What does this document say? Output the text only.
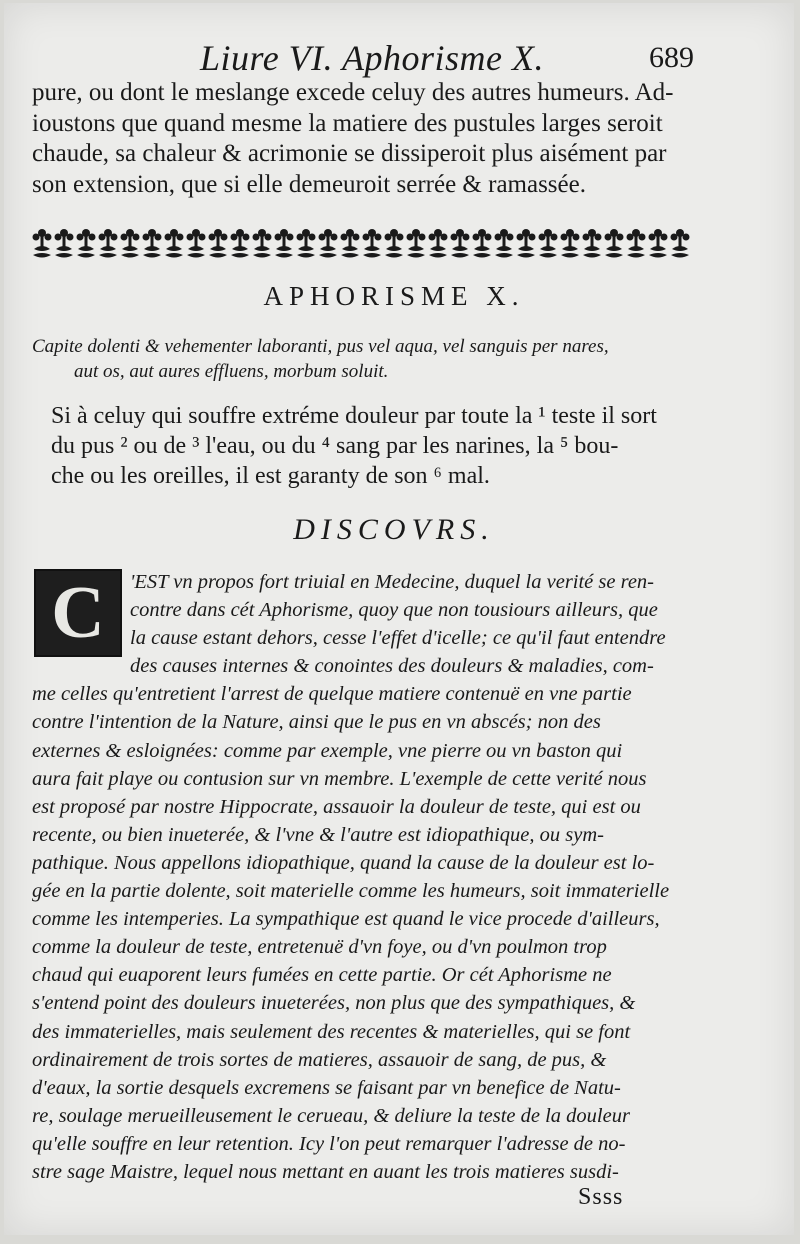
Liure VI. Aphorisme X.	689
pure, ou dont le meslange excede celuy des autres humeurs. Ad-
ioustons que quand mesme la matiere des pustules larges seroit
chaude, sa chaleur & acrimonie se dissiperoit plus aisément par
son extension, que si elle demeuroit serrée & ramassée.
APHORISME X.
Capite dolenti & vehementer laboranti, pus vel aqua, vel sanguis per nares,
aut os, aut aures effluens, morbum soluit.
Si à celuy qui souffre extréme douleur par toute la ¹ teste il sort
du pus ² ou de ³ l'eau, ou du ⁴ sang par les narines, la ⁵ bou-
che ou les oreilles, il est garanty de son ⁶ mal.
DISCOVRS.
C	'EST vn propos fort triuial en Medecine, duquel la verité se ren-
contre dans cét Aphorisme, quoy que non tousiours ailleurs, que
la cause estant dehors, cesse l'effet d'icelle; ce qu'il faut entendre
des causes internes & conointes des douleurs & maladies, com-
me celles qu'entretient l'arrest de quelque matiere contenuë en vne partie
contre l'intention de la Nature, ainsi que le pus en vn abscés; non des
externes & esloignées: comme par exemple, vne pierre ou vn baston qui
aura fait playe ou contusion sur vn membre. L'exemple de cette verité nous
est proposé par nostre Hippocrate, assauoir la douleur de teste, qui est ou
recente, ou bien inueterée, & l'vne & l'autre est idiopathique, ou sym-
pathique. Nous appellons idiopathique, quand la cause de la douleur est lo-
gée en la partie dolente, soit materielle comme les humeurs, soit immaterielle
comme les intemperies. La sympathique est quand le vice procede d'ailleurs,
comme la douleur de teste, entretenuë d'vn foye, ou d'vn poulmon trop
chaud qui euaporent leurs fumées en cette partie. Or cét Aphorisme ne
s'entend point des douleurs inueterées, non plus que des sympathiques, &
des immaterielles, mais seulement des recentes & materielles, qui se font
ordinairement de trois sortes de matieres, assauoir de sang, de pus, &
d'eaux, la sortie desquels excremens se faisant par vn benefice de Natu-
re, soulage merueilleusement le cerueau, & deliure la teste de la douleur
qu'elle souffre en leur retention. Icy l'on peut remarquer l'adresse de no-
stre sage Maistre, lequel nous mettant en auant les trois matieres susdi-
Ssss
